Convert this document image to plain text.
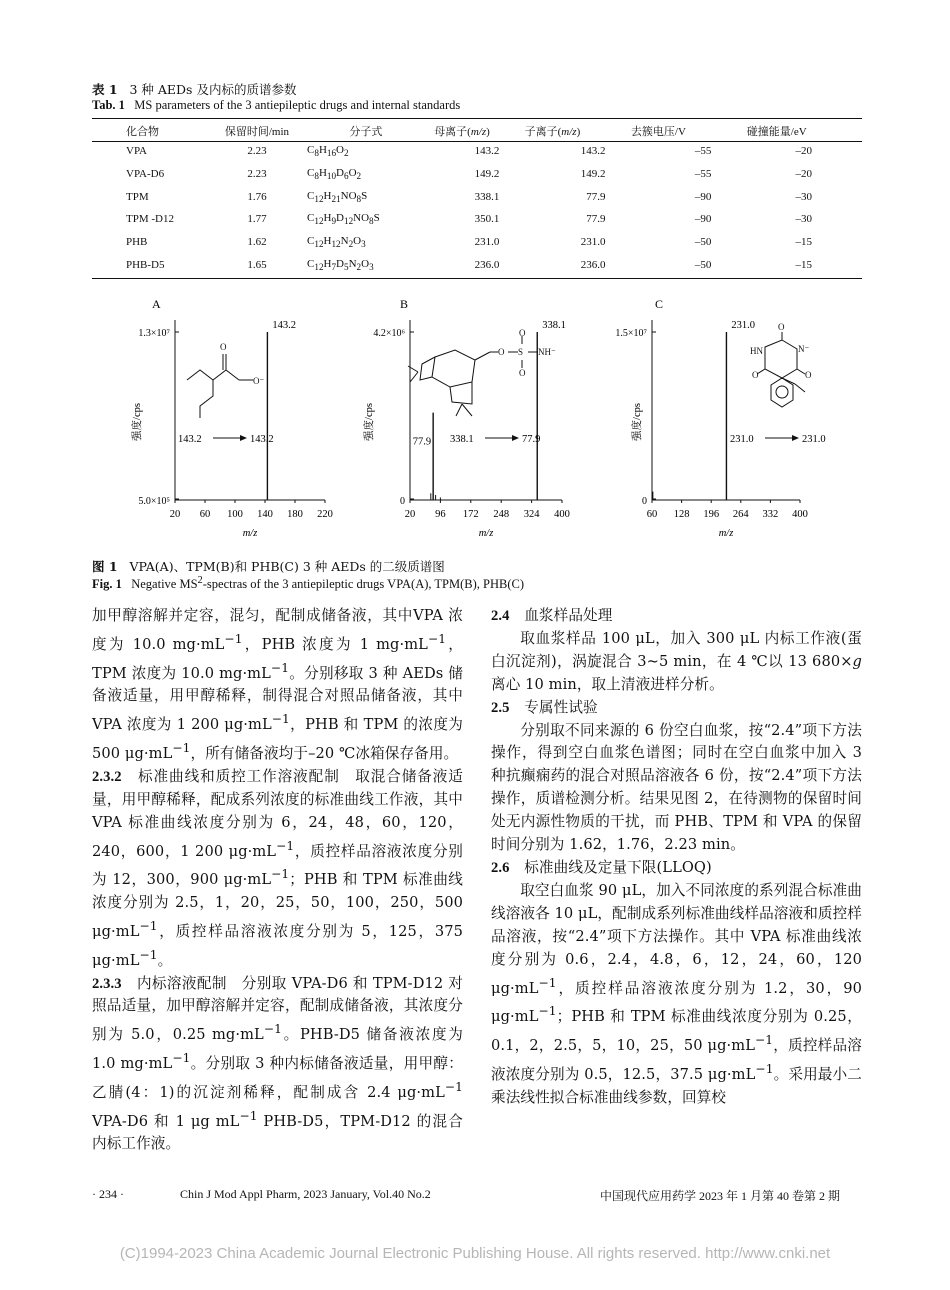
表 1 3 种 AEDs 及内标的质谱参数
Tab. 1 MS parameters of the 3 antiepileptic drugs and internal standards
化合物	保留时间/min	分子式	母离子(m/z)	子离子(m/z)	去簇电压/V	碰撞能量/eV
VPA	2.23	$C_8H_{16}O_2$	143.2	143.2	–55	–20
VPA-D6	2.23	$C_8H_{10}D_6O_2$	149.2	149.2	–55	–20
TPM	1.76	$C_{12}H_{21}NO_8S$	338.1	77.9	–90	–30
TPM -D12	1.77	$C_{12}H_9D_{12}NO_8S$	350.1	77.9	–90	–30
PHB	1.62	$C_{12}H_{12}N_2O_3$	231.0	231.0	–50	–15
PHB-D5	1.65	$C_{12}H_7D_5N_2O_3$	236.0	236.0	–50	–15
A
5.0×10⁵
1.3×10⁷
强度/cps
20 60 100 140 180 220
m/z
143.2
143.2	143.2
B
0
4.2×10⁶
强度/cps
20 96 172 248 324 400
m/z
77.9
338.1
338.1	77.9
C
0
1.5×10⁷
强度/cps
60 128 196 264 332 400
m/z
231.0
231.0	231.0
O
O⁻
O S
O
O
NH⁻
O
N⁻
HN
O	O
图 1 VPA(A)、TPM(B)和 PHB(C) 3 种 AEDs 的二级质谱图
Fig. 1 Negative $MS^2$-spectras of the 3 antiepileptic drugs VPA(A), TPM(B), PHB(C)

加甲醇溶解并定容，混匀，配制成储备液，其中VPA 浓度为 10.0 $mg\cdot mL^{-1}$，PHB 浓度为 1 $mg\cdot mL^{-1}$，TPM 浓度为 10.0 $mg\cdot mL^{-1}$。分别移取 3 种 AEDs 储备液适量，用甲醇稀释，制得混合对照品储备液，其中 VPA 浓度为 1 200 $\mu g\cdot mL^{-1}$，PHB 和 TPM 的浓度为 500 $\mu g\cdot mL^{-1}$，所有储备液均于–20 ℃冰箱保存备用。

2.3.2　标准曲线和质控工作溶液配制　取混合储备液适量，用甲醇稀释，配成系列浓度的标准曲线工作液，其中 VPA 标准曲线浓度分别为 6，24，48，60，120，240，600，1 200 $\mu g\cdot mL^{-1}$，质控样品溶液浓度分别为 12，300，900 $\mu g\cdot mL^{-1}$；PHB 和 TPM 标准曲线浓度分别为 2.5，1，20，25，50，100，250，500 $\mu g\cdot mL^{-1}$，质控样品溶液浓度分别为 5，125，375 $\mu g\cdot mL^{-1}$。

2.3.3　内标溶液配制　分别取 VPA-D6 和 TPM-D12 对照品适量，加甲醇溶解并定容，配制成储备液，其浓度分别为 5.0，0.25 $mg\cdot mL^{-1}$。PHB-D5 储备液浓度为 1.0 $mg\cdot mL^{-1}$。分别取 3 种内标储备液适量，用甲醇：乙腈(4：1)的沉淀剂稀释，配制成含 2.4 $\mu g\cdot mL^{-1}$ VPA-D6 和 1 μg $mL^{-1}$ PHB-D5，TPM-D12 的混合内标工作液。

2.4　血浆样品处理

取血浆样品 100 μL，加入 300 μL 内标工作液(蛋白沉淀剂)，涡旋混合 3~5 min，在 4 ℃以 13 680×g 离心 10 min，取上清液进样分析。

2.5　专属性试验

分别取不同来源的 6 份空白血浆，按“2.4”项下方法操作，得到空白血浆色谱图；同时在空白血浆中加入 3 种抗癫痫药的混合对照品溶液各 6 份，按“2.4”项下方法操作，质谱检测分析。结果见图 2，在待测物的保留时间处无内源性物质的干扰，而 PHB、TPM 和 VPA 的保留时间分别为 1.62，1.76，2.23 min。

2.6　标准曲线及定量下限(LLOQ)

取空白血浆 90 μL，加入不同浓度的系列混合标准曲线溶液各 10 μL，配制成系列标准曲线样品溶液和质控样品溶液，按“2.4”项下方法操作。其中 VPA 标准曲线浓度分别为 0.6，2.4，4.8，6，12，24，60，120 $\mu g\cdot mL^{-1}$，质控样品溶液浓度分别为 1.2，30，90 $\mu g\cdot mL^{-1}$；PHB 和 TPM 标准曲线浓度分别为 0.25，0.1，2，2.5，5，10，25，50 $\mu g\cdot mL^{-1}$，质控样品溶液浓度分别为 0.5，12.5，37.5 $\mu g\cdot mL^{-1}$。采用最小二乘法线性拟合标准曲线参数，回算校

· 234 ·	Chin J Mod Appl Pharm, 2023 January, Vol.40 No.2	中国现代应用药学 2023 年 1 月第 40 卷第 2 期
(C)1994-2023 China Academic Journal Electronic Publishing House. All rights reserved. http://www.cnki.net
